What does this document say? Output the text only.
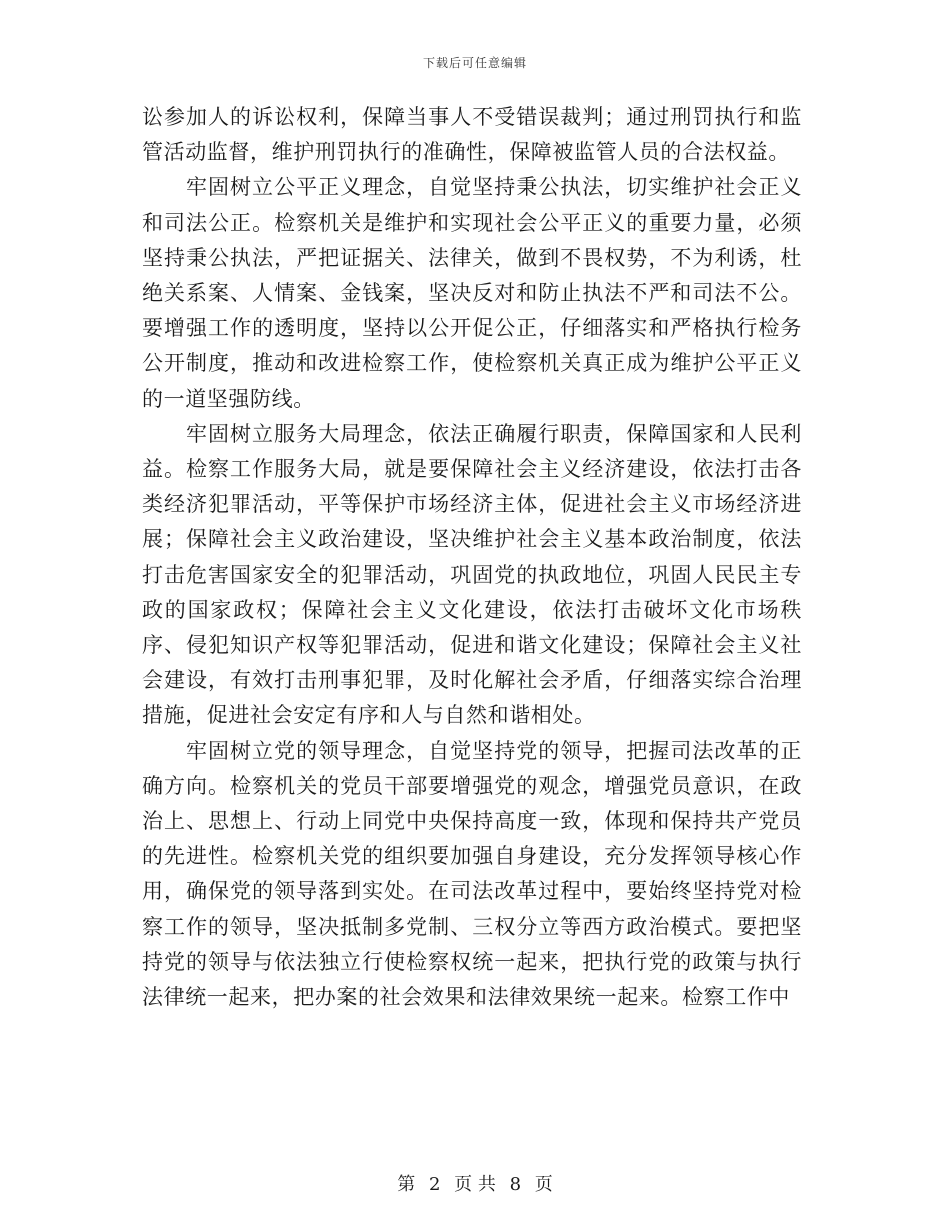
下载后可任意编辑

讼参加人的诉讼权利，保障当事人不受错误裁判；通过刑罚执行和监管活动监督，维护刑罚执行的准确性，保障被监管人员的合法权益。

牢固树立公平正义理念，自觉坚持秉公执法，切实维护社会正义和司法公正。检察机关是维护和实现社会公平正义的重要力量，必须坚持秉公执法，严把证据关、法律关，做到不畏权势，不为利诱，杜绝关系案、人情案、金钱案，坚决反对和防止执法不严和司法不公。要增强工作的透明度，坚持以公开促公正，仔细落实和严格执行检务公开制度，推动和改进检察工作，使检察机关真正成为维护公平正义的一道坚强防线。

牢固树立服务大局理念，依法正确履行职责，保障国家和人民利益。检察工作服务大局，就是要保障社会主义经济建设，依法打击各类经济犯罪活动，平等保护市场经济主体，促进社会主义市场经济进展；保障社会主义政治建设，坚决维护社会主义基本政治制度，依法打击危害国家安全的犯罪活动，巩固党的执政地位，巩固人民民主专政的国家政权；保障社会主义文化建设，依法打击破坏文化市场秩序、侵犯知识产权等犯罪活动，促进和谐文化建设；保障社会主义社会建设，有效打击刑事犯罪，及时化解社会矛盾，仔细落实综合治理措施，促进社会安定有序和人与自然和谐相处。

牢固树立党的领导理念，自觉坚持党的领导，把握司法改革的正确方向。检察机关的党员干部要增强党的观念，增强党员意识，在政治上、思想上、行动上同党中央保持高度一致，体现和保持共产党员的先进性。检察机关党的组织要加强自身建设，充分发挥领导核心作用，确保党的领导落到实处。在司法改革过程中，要始终坚持党对检察工作的领导，坚决抵制多党制、三权分立等西方政治模式。要把坚持党的领导与依法独立行使检察权统一起来，把执行党的政策与执行法律统一起来，把办案的社会效果和法律效果统一起来。检察工作中

第 2 页 共 8 页
